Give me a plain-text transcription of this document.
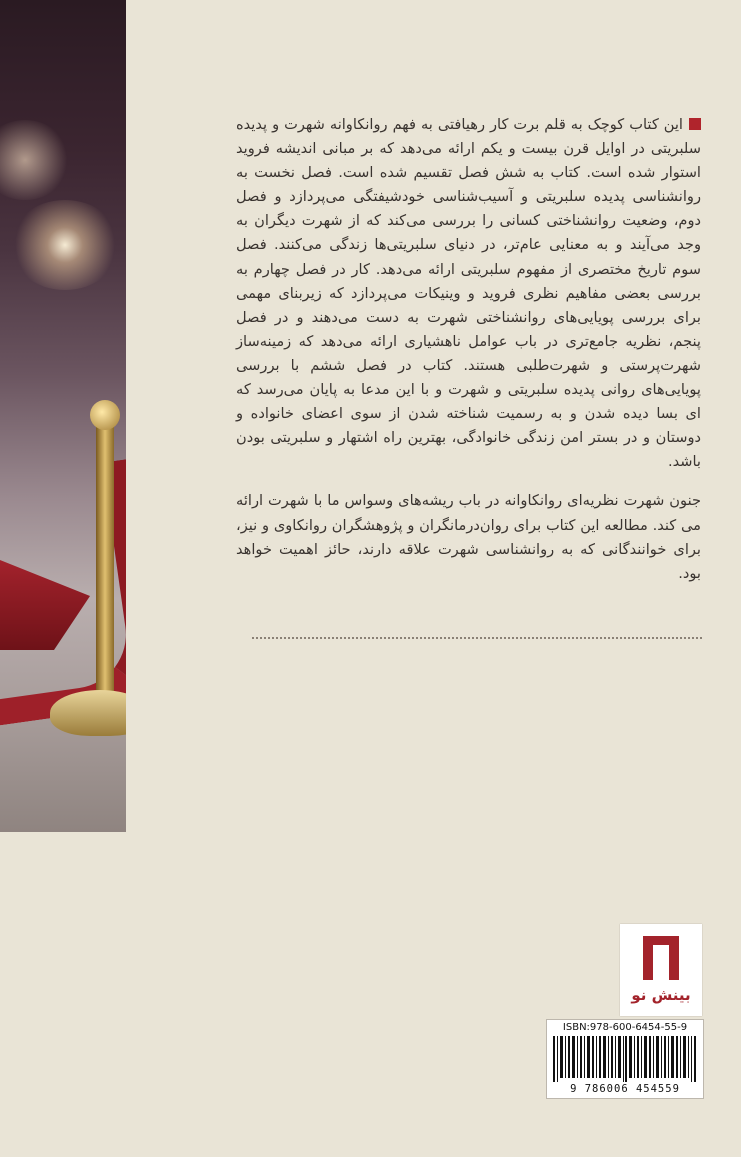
این کتاب کوچک به قلم برت کار رهیافتی به فهم روانکاوانه شهرت و پدیده سلبریتی در اوایل قرن بیست و یکم ارائه می‌دهد که بر مبانی اندیشه فروید استوار شده است. کتاب به شش فصل تقسیم شده است. فصل نخست به روانشناسی پدیده سلبریتی و آسیب‌شناسی خودشیفتگی می‌پردازد و فصل دوم، وضعیت روانشناختی کسانی را بررسی می‌کند که از شهرت دیگران به وجد می‌آیند و به معنایی عام‌تر، در دنیای سلبریتی‌ها زندگی می‌کنند. فصل سوم تاریخ مختصری از مفهوم سلبریتی ارائه می‌دهد. کار در فصل چهارم به بررسی بعضی مفاهیم نظری فروید و وینیکات می‌پردازد که زیربنای مهمی برای بررسی پویایی‌های روانشناختی شهرت به دست می‌دهند و در فصل پنجم، نظریه جامع‌تری در باب عوامل ناهشیاری ارائه می‌دهد که زمینه‌ساز شهرت‌پرستی و شهرت‌طلبی هستند. کتاب در فصل ششم با بررسی پویایی‌های روانی پدیده سلبریتی و شهرت و با این مدعا به پایان می‌رسد که ای بسا دیده شدن و به رسمیت شناخته شدن از سوی اعضای خانواده و دوستان و در بستر امن زندگی خانوادگی، بهترین راه اشتهار و سلبریتی بودن باشد.

جنون شهرت نظریه‌ای روانکاوانه در باب ریشه‌های وسواس ما با شهرت ارائه می کند. مطالعه این کتاب برای روان‌درمانگران و پژوهشگران روانکاوی و نیز، برای خوانندگانی که به روانشناسی شهرت علاقه دارند، حائز اهمیت خواهد بود.

بینش نو
ISBN:978-600-6454-55-9
9 786006 454559
